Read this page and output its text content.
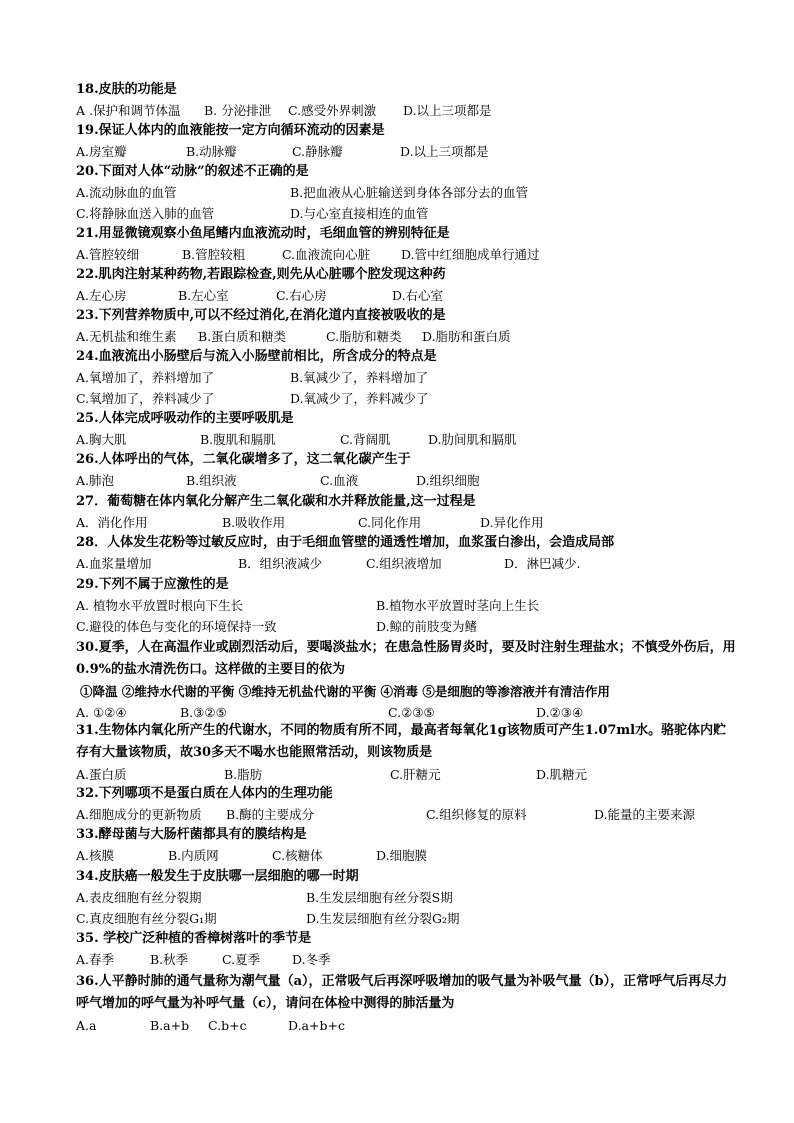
18.皮肤的功能是
A .保护和调节体温 B. 分泌排泄 C.感受外界刺激 D.以上三项都是
19.保证人体内的血液能按一定方向循环流动的因素是
A.房室瓣	B.动脉瓣	C.静脉瓣	D.以上三项都是
20.下面对人体“动脉”的叙述不正确的是
A.流动脉血的血管	B.把血液从心脏输送到身体各部分去的血管
C.将静脉血送入肺的血管	D.与心室直接相连的血管
21.用显微镜观察小鱼尾鳍内血液流动时，毛细血管的辨别特征是
A.管腔较细	B.管腔较粗	C.血液流向心脏 D.管中红细胞成单行通过
22.肌肉注射某种药物,若跟踪检查,则先从心脏哪个腔发现这种药
A.左心房	B.左心室	C.右心房	D.右心室
23.下列营养物质中,可以不经过消化,在消化道内直接被吸收的是
A.无机盐和维生素 B.蛋白质和糖类	C.脂肪和糖类 D.脂肪和蛋白质
24.血液流出小肠壁后与流入小肠壁前相比，所含成分的特点是
A.氧增加了，养料增加了	B.氧减少了，养料增加了
C.氧增加了，养料减少了	D.氧减少了，养料减少了
25.人体完成呼吸动作的主要呼吸肌是
A.胸大肌	B.腹肌和膈肌	C.背阔肌	D.肋间肌和膈肌
26.人体呼出的气体，二氧化碳增多了，这二氧化碳产生于
A.肺泡	B.组织液	C.血液	D.组织细胞
27．葡萄糖在体内氧化分解产生二氧化碳和水并释放能量,这一过程是
A．消化作用	B.吸收作用	C.同化作用	D.异化作用
28．人体发生花粉等过敏反应时，由于毛细血管壁的通透性增加，血浆蛋白渗出，会造成局部
A.血浆量增加	B．组织液减少	C.组织液增加	D．淋巴减少.
29.下列不属于应激性的是
A. 植物水平放置时根向下生长	B.植物水平放置时茎向上生长
C.避役的体色与变化的环境保持一致	D.鲸的前肢变为鳍
30.夏季，人在高温作业或剧烈活动后，要喝淡盐水；在患急性肠胃炎时，要及时注射生理盐水；不慎受外伤后，用0.9%的盐水清洗伤口。这样做的主要目的依为
①降温 ②维持水代谢的平衡 ③维持无机盐代谢的平衡 ④消毒 ⑤是细胞的等渗溶液并有清洁作用
A. ①②④	B.③②⑤	C.②③⑤	D.②③④
31.生物体内氧化所产生的代谢水，不同的物质有所不同，最高者每氧化1g该物质可产生1.07ml水。骆驼体内贮存有大量该物质，故30多天不喝水也能照常活动，则该物质是
A.蛋白质	B.脂肪	C.肝糖元	D.肌糖元
32.下列哪项不是蛋白质在人体内的生理功能
A.细胞成分的更新物质 B.酶的主要成分	C.组织修复的原料	D.能量的主要来源
33.酵母菌与大肠杆菌都具有的膜结构是
A.核膜	B.内质网	C.核糖体	D.细胞膜
34.皮肤癌一般发生于皮肤哪一层细胞的哪一时期
A.表皮细胞有丝分裂期	B.生发层细胞有丝分裂S期
C.真皮细胞有丝分裂G₁期	D.生发层细胞有丝分裂G₂期
35. 学校广泛种植的香樟树落叶的季节是
A.春季	B.秋季	C.夏季	D.冬季
36.人平静时肺的通气量称为潮气量（a），正常吸气后再深呼吸增加的吸气量为补吸气量（b），正常呼气后再尽力呼气增加的呼气量为补呼气量（c），请问在体检中测得的肺活量为
A.a	B.a+b C.b+c	D.a+b+c
